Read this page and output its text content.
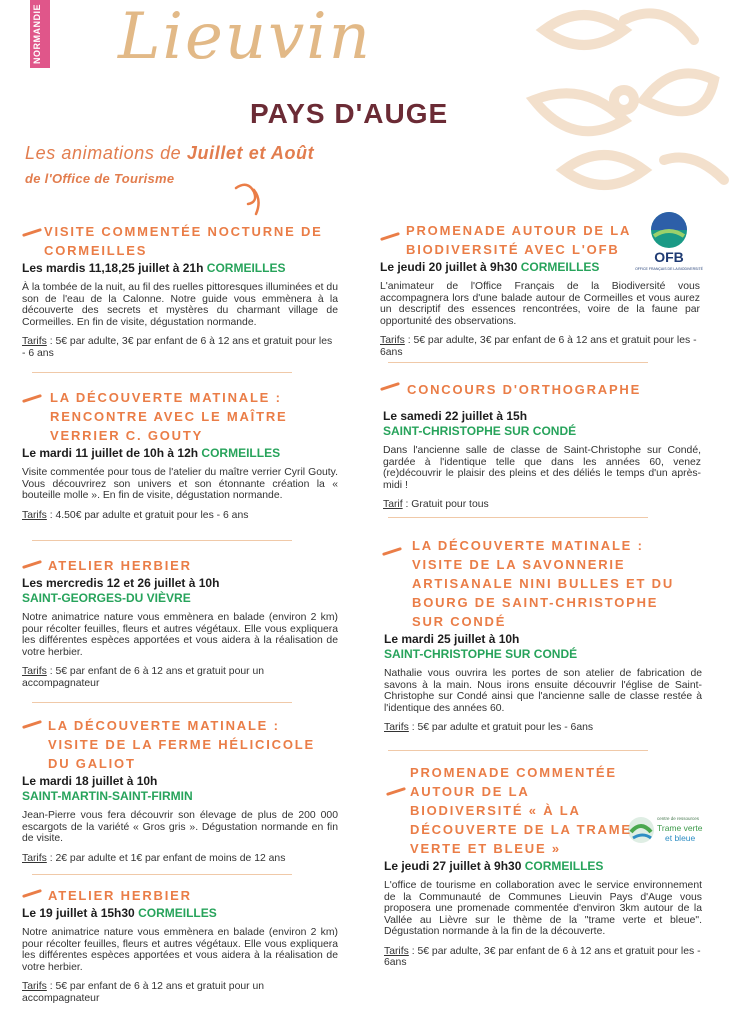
NORMANDIE Lieuvin
PAYS D'AUGE
Les animations de Juillet et Août
de l'Office de Tourisme
OFB
OFFICE FRANÇAIS DE LA BIODIVERSITÉ
centre de ressources
Trame verte
et bleue
VISITE COMMENTÉE NOCTURNE DE CORMEILLES
Les mardis 11,18,25 juillet à 21h CORMEILLES
À la tombée de la nuit, au fil des ruelles pittoresques illuminées et du son de l'eau de la Calonne. Notre guide vous emmènera à la découverte des secrets et mystères du charmant village de Cormeilles. En fin de visite, dégustation normande.
Tarifs : 5€ par adulte, 3€ par enfant de 6 à 12 ans et gratuit pour les - 6 ans
LA DÉCOUVERTE MATINALE : RENCONTRE AVEC LE MAÎTRE VERRIER C. GOUTY
Le mardi 11 juillet de 10h à 12h CORMEILLES
Visite commentée pour tous de l'atelier du maître verrier Cyril Gouty. Vous découvrirez son univers et son étonnante création la « bouteille molle ». En fin de visite, dégustation normande.
Tarifs : 4.50€ par adulte et gratuit pour les - 6 ans
ATELIER HERBIER
Les mercredis 12 et 26 juillet à 10h
SAINT-GEORGES-DU VIÈVRE
Notre animatrice nature vous emmènera en balade (environ 2 km) pour récolter feuilles, fleurs et autres végétaux. Elle vous expliquera les différentes espèces apportées et vous aidera à la réalisation de votre herbier.
Tarifs : 5€ par enfant de 6 à 12 ans et gratuit pour un accompagnateur
LA DÉCOUVERTE MATINALE : VISITE DE LA FERME HÉLICICOLE DU GALIOT
Le mardi 18 juillet à 10h
SAINT-MARTIN-SAINT-FIRMIN
Jean-Pierre vous fera découvrir son élevage de plus de 200 000 escargots de la variété « Gros gris ». Dégustation normande en fin de visite.
Tarifs : 2€ par adulte et 1€ par enfant de moins de 12 ans
ATELIER HERBIER
Le 19 juillet à 15h30 CORMEILLES
Notre animatrice nature vous emmènera en balade (environ 2 km) pour récolter feuilles, fleurs et autres végétaux. Elle vous expliquera les différentes espèces apportées et vous aidera à la réalisation de votre herbier.
Tarifs : 5€ par enfant de 6 à 12 ans et gratuit pour un accompagnateur
PROMENADE AUTOUR DE LA BIODIVERSITÉ AVEC L'OFB
Le jeudi 20 juillet à 9h30 CORMEILLES
L'animateur de l'Office Français de la Biodiversité vous accompagnera lors d'une balade autour de Cormeilles et vous aurez un descriptif des essences rencontrées, voire de la faune par opportunité des observations.
Tarifs : 5€ par adulte, 3€ par enfant de 6 à 12 ans et gratuit pour les - 6ans
CONCOURS D'ORTHOGRAPHE
Le samedi 22 juillet à 15h
SAINT-CHRISTOPHE SUR CONDÉ
Dans l'ancienne salle de classe de Saint-Christophe sur Condé, gardée à l'identique telle que dans les années 60, venez (re)découvrir le plaisir des pleins et des déliés le temps d'un après-midi !
Tarif : Gratuit pour tous
LA DÉCOUVERTE MATINALE : VISITE DE LA SAVONNERIE ARTISANALE NINI BULLES ET DU BOURG DE SAINT-CHRISTOPHE SUR CONDÉ
Le mardi 25 juillet à 10h
SAINT-CHRISTOPHE SUR CONDÉ
Nathalie vous ouvrira les portes de son atelier de fabrication de savons à la main. Nous irons ensuite découvrir l'église de Saint-Christophe sur Condé ainsi que l'ancienne salle de classe restée à l'identique des années 60.
Tarifs : 5€ par adulte et gratuit pour les - 6ans
PROMENADE COMMENTÉE AUTOUR DE LA BIODIVERSITÉ « À LA DÉCOUVERTE DE LA TRAME VERTE ET BLEUE »
Le jeudi 27 juillet à 9h30 CORMEILLES
L'office de tourisme en collaboration avec le service environnement de la Communauté de Communes Lieuvin Pays d'Auge vous proposera une promenade commentée d'environ 3km autour de la Vallée au Lièvre sur le thème de la "trame verte et bleue". Dégustation normande à la fin de la découverte.
Tarifs : 5€ par adulte, 3€ par enfant de 6 à 12 ans et gratuit pour les - 6ans
